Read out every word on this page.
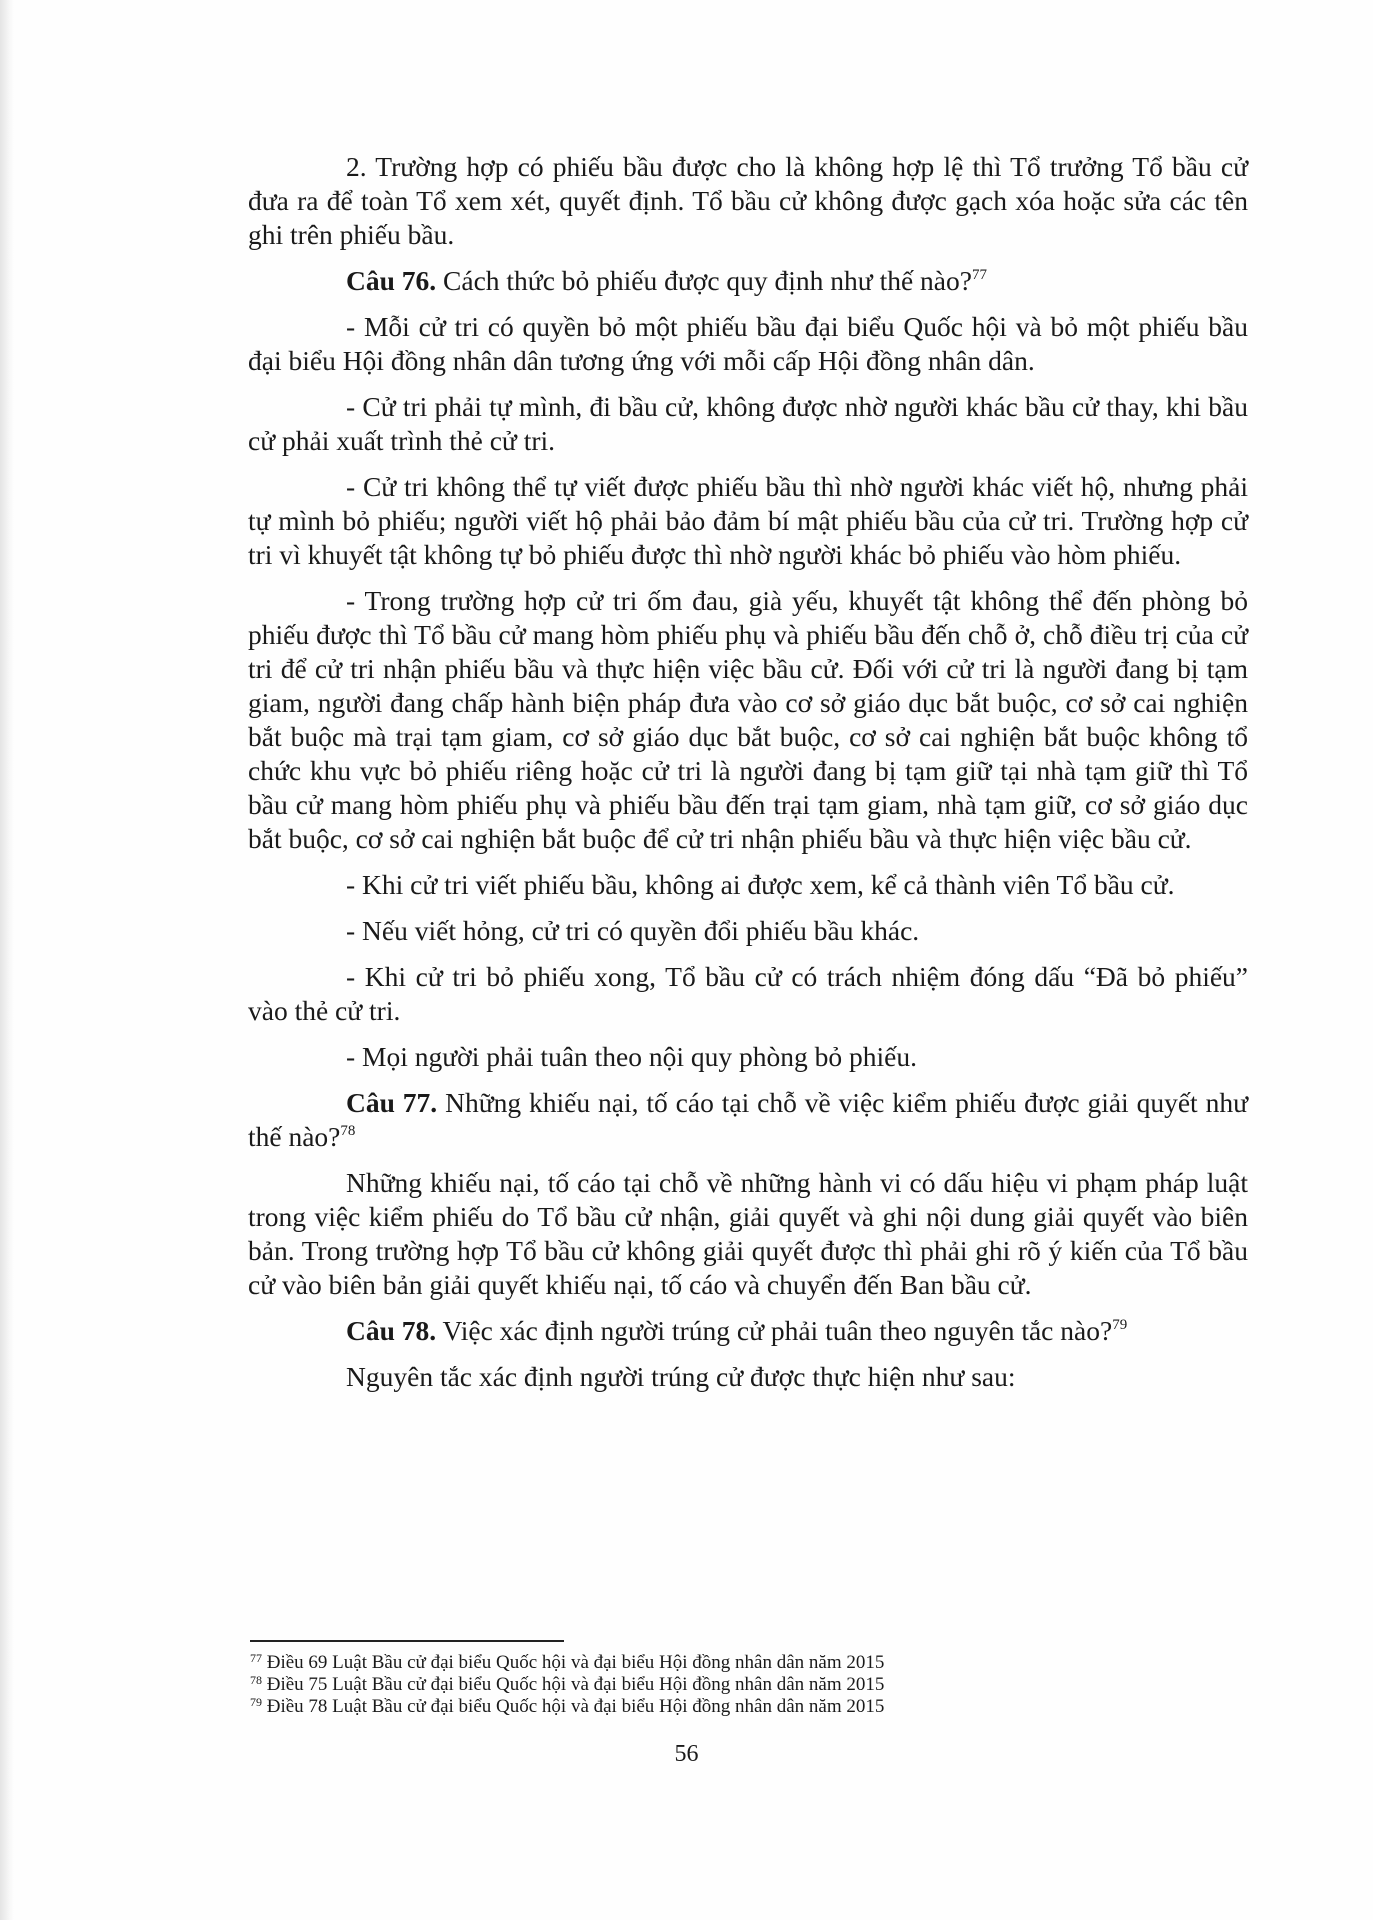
2. Trường hợp có phiếu bầu được cho là không hợp lệ thì Tổ trưởng Tổ bầu cử đưa ra để toàn Tổ xem xét, quyết định. Tổ bầu cử không được gạch xóa hoặc sửa các tên ghi trên phiếu bầu.

Câu 76. Cách thức bỏ phiếu được quy định như thế nào?$^{77}$

- Mỗi cử tri có quyền bỏ một phiếu bầu đại biểu Quốc hội và bỏ một phiếu bầu đại biểu Hội đồng nhân dân tương ứng với mỗi cấp Hội đồng nhân dân.

- Cử tri phải tự mình, đi bầu cử, không được nhờ người khác bầu cử thay, khi bầu cử phải xuất trình thẻ cử tri.

- Cử tri không thể tự viết được phiếu bầu thì nhờ người khác viết hộ, nhưng phải tự mình bỏ phiếu; người viết hộ phải bảo đảm bí mật phiếu bầu của cử tri. Trường hợp cử tri vì khuyết tật không tự bỏ phiếu được thì nhờ người khác bỏ phiếu vào hòm phiếu.

- Trong trường hợp cử tri ốm đau, già yếu, khuyết tật không thể đến phòng bỏ phiếu được thì Tổ bầu cử mang hòm phiếu phụ và phiếu bầu đến chỗ ở, chỗ điều trị của cử tri để cử tri nhận phiếu bầu và thực hiện việc bầu cử. Đối với cử tri là người đang bị tạm giam, người đang chấp hành biện pháp đưa vào cơ sở giáo dục bắt buộc, cơ sở cai nghiện bắt buộc mà trại tạm giam, cơ sở giáo dục bắt buộc, cơ sở cai nghiện bắt buộc không tổ chức khu vực bỏ phiếu riêng hoặc cử tri là người đang bị tạm giữ tại nhà tạm giữ thì Tổ bầu cử mang hòm phiếu phụ và phiếu bầu đến trại tạm giam, nhà tạm giữ, cơ sở giáo dục bắt buộc, cơ sở cai nghiện bắt buộc để cử tri nhận phiếu bầu và thực hiện việc bầu cử.

- Khi cử tri viết phiếu bầu, không ai được xem, kể cả thành viên Tổ bầu cử.

- Nếu viết hỏng, cử tri có quyền đổi phiếu bầu khác.

- Khi cử tri bỏ phiếu xong, Tổ bầu cử có trách nhiệm đóng dấu “Đã bỏ phiếu” vào thẻ cử tri.

- Mọi người phải tuân theo nội quy phòng bỏ phiếu.

Câu 77. Những khiếu nại, tố cáo tại chỗ về việc kiểm phiếu được giải quyết như thế nào?$^{78}$

Những khiếu nại, tố cáo tại chỗ về những hành vi có dấu hiệu vi phạm pháp luật trong việc kiểm phiếu do Tổ bầu cử nhận, giải quyết và ghi nội dung giải quyết vào biên bản. Trong trường hợp Tổ bầu cử không giải quyết được thì phải ghi rõ ý kiến của Tổ bầu cử vào biên bản giải quyết khiếu nại, tố cáo và chuyển đến Ban bầu cử.

Câu 78. Việc xác định người trúng cử phải tuân theo nguyên tắc nào?$^{79}$

Nguyên tắc xác định người trúng cử được thực hiện như sau:

$^{77}$ Điều 69 Luật Bầu cử đại biểu Quốc hội và đại biểu Hội đồng nhân dân năm 2015

$^{78}$ Điều 75 Luật Bầu cử đại biểu Quốc hội và đại biểu Hội đồng nhân dân năm 2015

$^{79}$ Điều 78 Luật Bầu cử đại biểu Quốc hội và đại biểu Hội đồng nhân dân năm 2015

56
